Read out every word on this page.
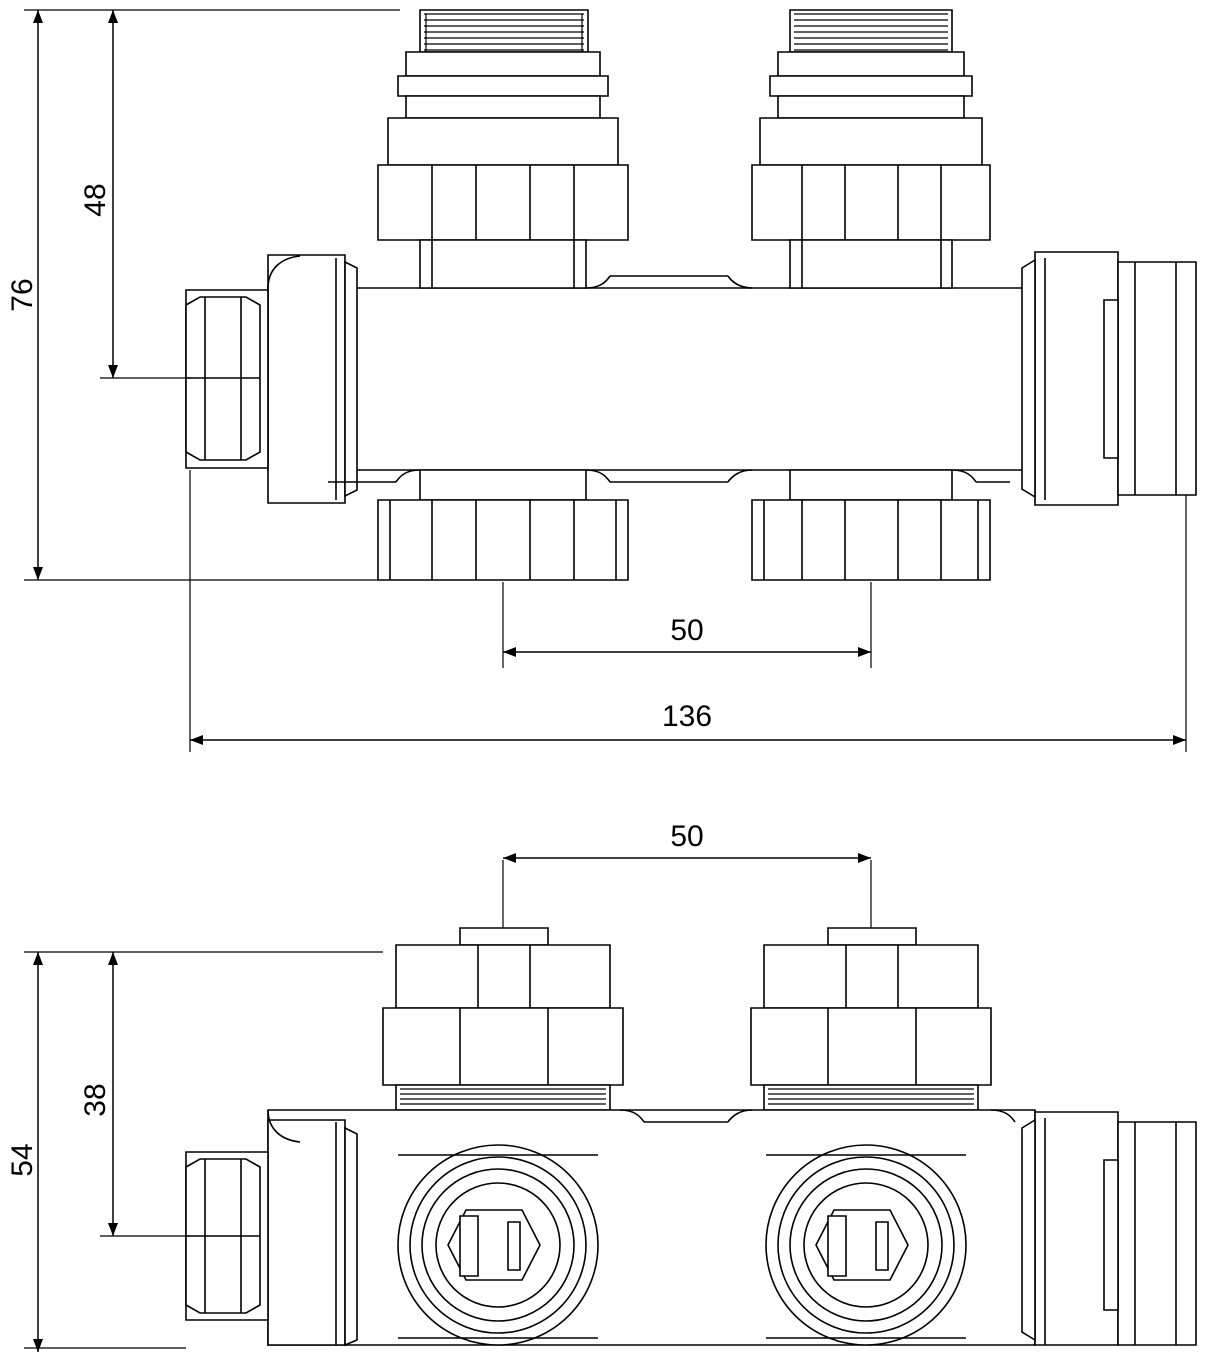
76
48
50
136
50
54
38
